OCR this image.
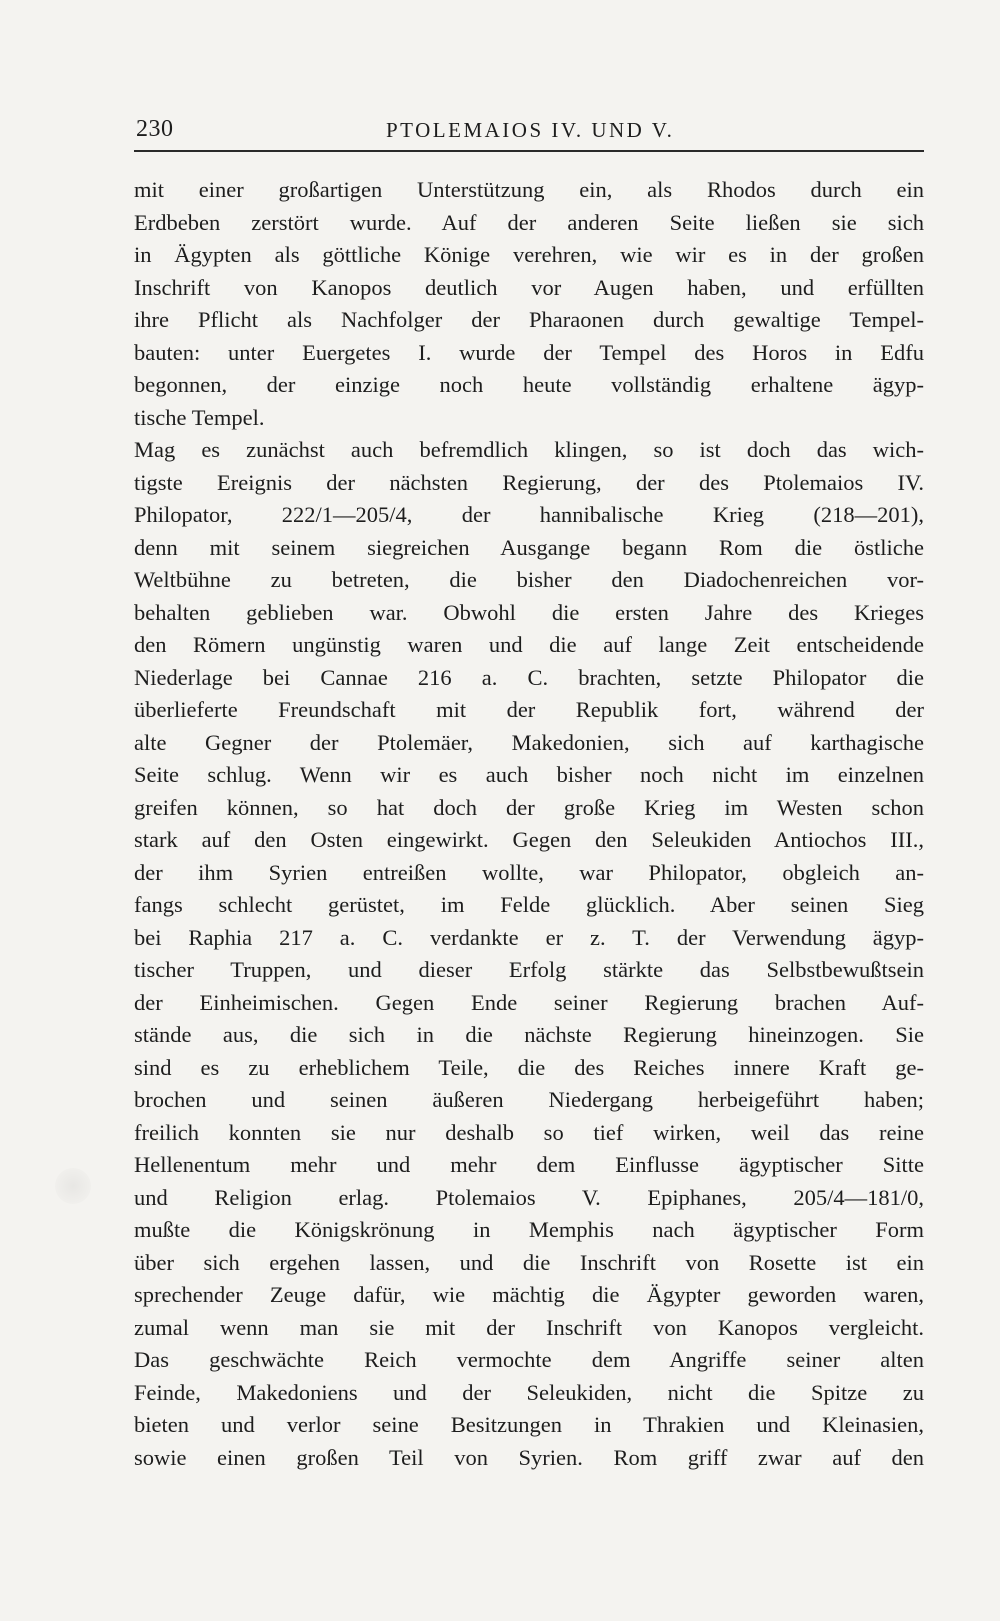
230	PTOLEMAIOS IV. UND V.
mit einer großartigen Unterstützung ein, als Rhodos durch ein
Erdbeben zerstört wurde. Auf der anderen Seite ließen sie sich
in Ägypten als göttliche Könige verehren, wie wir es in der großen
Inschrift von Kanopos deutlich vor Augen haben, und erfüllten
ihre Pflicht als Nachfolger der Pharaonen durch gewaltige Tempel-
bauten: unter Euergetes I. wurde der Tempel des Horos in Edfu
begonnen, der einzige noch heute vollständig erhaltene ägyp-
tische Tempel.
Mag es zunächst auch befremdlich klingen, so ist doch das wich-
tigste Ereignis der nächsten Regierung, der des Ptolemaios IV.
Philopator, 222/1—205/4, der hannibalische Krieg (218—201),
denn mit seinem siegreichen Ausgange begann Rom die östliche
Weltbühne zu betreten, die bisher den Diadochenreichen vor-
behalten geblieben war. Obwohl die ersten Jahre des Krieges
den Römern ungünstig waren und die auf lange Zeit entscheidende
Niederlage bei Cannae 216 a. C. brachten, setzte Philopator die
überlieferte Freundschaft mit der Republik fort, während der
alte Gegner der Ptolemäer, Makedonien, sich auf karthagische
Seite schlug. Wenn wir es auch bisher noch nicht im einzelnen
greifen können, so hat doch der große Krieg im Westen schon
stark auf den Osten eingewirkt. Gegen den Seleukiden Antiochos III.,
der ihm Syrien entreißen wollte, war Philopator, obgleich an-
fangs schlecht gerüstet, im Felde glücklich. Aber seinen Sieg
bei Raphia 217 a. C. verdankte er z. T. der Verwendung ägyp-
tischer Truppen, und dieser Erfolg stärkte das Selbstbewußtsein
der Einheimischen. Gegen Ende seiner Regierung brachen Auf-
stände aus, die sich in die nächste Regierung hineinzogen. Sie
sind es zu erheblichem Teile, die des Reiches innere Kraft ge-
brochen und seinen äußeren Niedergang herbeigeführt haben;
freilich konnten sie nur deshalb so tief wirken, weil das reine
Hellenentum mehr und mehr dem Einflusse ägyptischer Sitte
und Religion erlag. Ptolemaios V. Epiphanes, 205/4—181/0,
mußte die Königskrönung in Memphis nach ägyptischer Form
über sich ergehen lassen, und die Inschrift von Rosette ist ein
sprechender Zeuge dafür, wie mächtig die Ägypter geworden waren,
zumal wenn man sie mit der Inschrift von Kanopos vergleicht.
Das geschwächte Reich vermochte dem Angriffe seiner alten
Feinde, Makedoniens und der Seleukiden, nicht die Spitze zu
bieten und verlor seine Besitzungen in Thrakien und Kleinasien,
sowie einen großen Teil von Syrien. Rom griff zwar auf den
